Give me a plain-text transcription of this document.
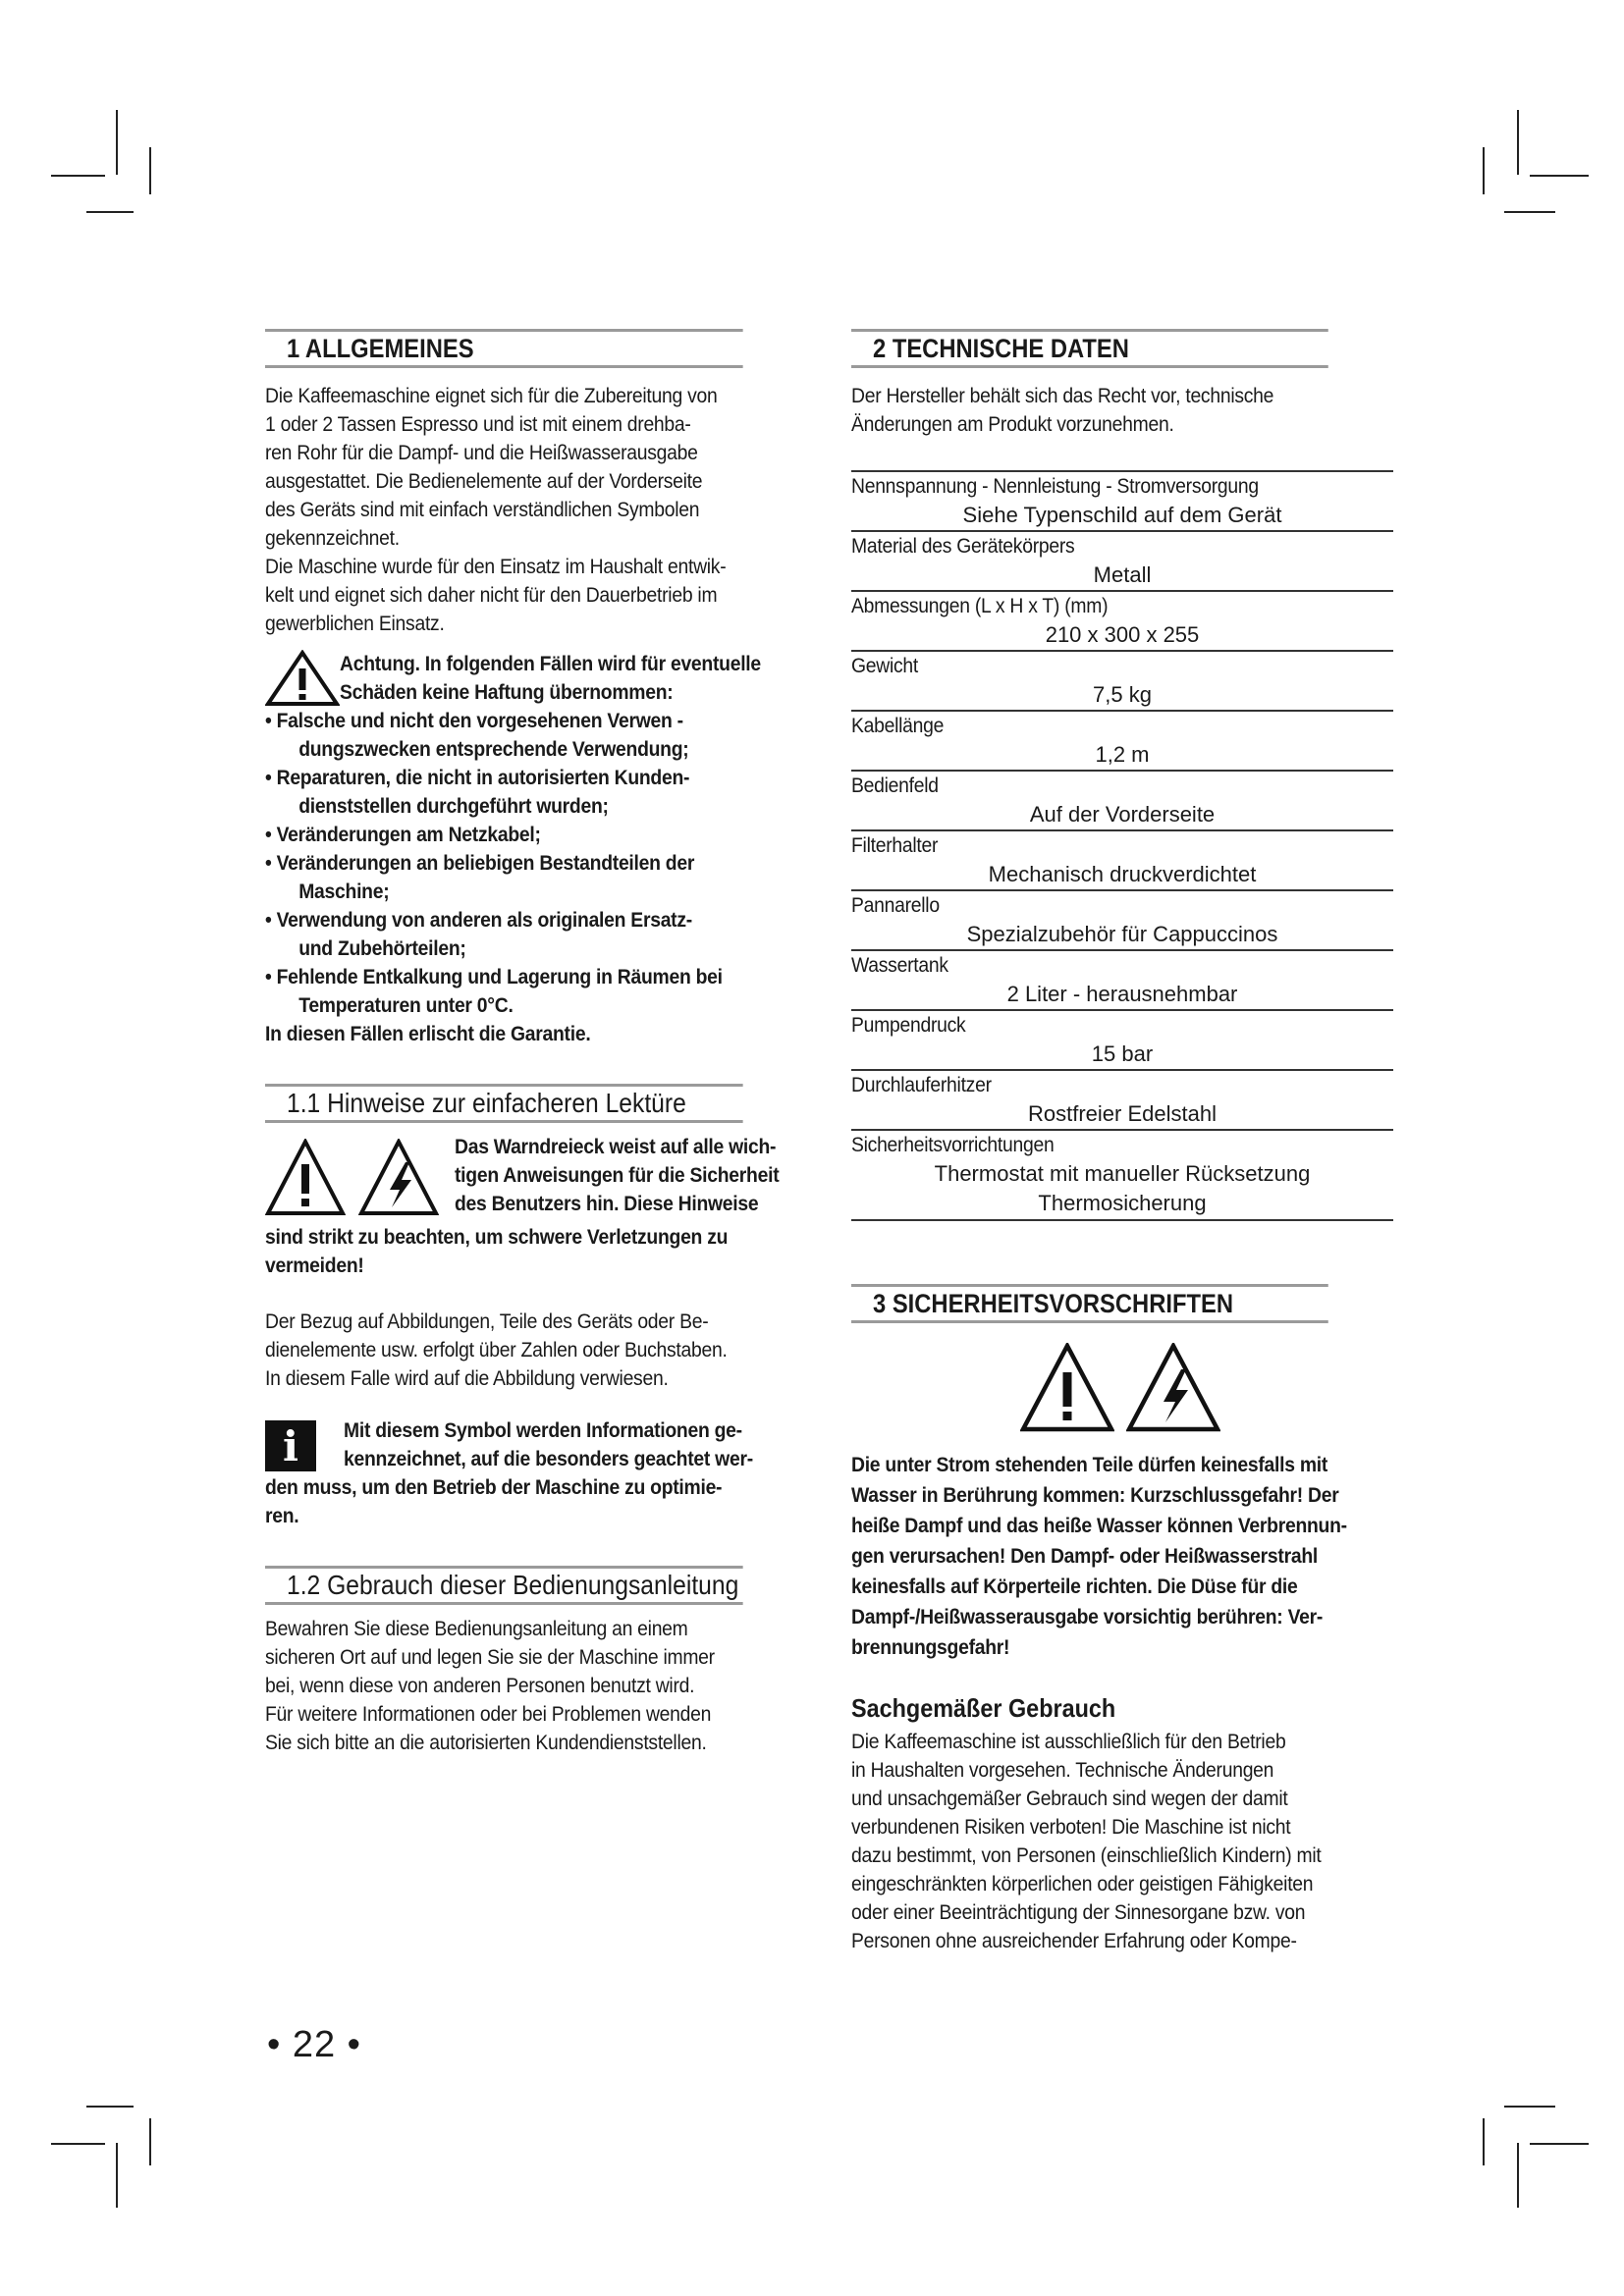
1 ALLGEMEINES
Die Kaffeemaschine eignet sich für die Zubereitung von
1 oder 2 Tassen Espresso und ist mit einem drehba-
ren Rohr für die Dampf- und die Heißwasserausgabe
ausgestattet. Die Bedienelemente auf der Vorderseite
des Geräts sind mit einfach verständlichen Symbolen
gekennzeichnet.
Die Maschine wurde für den Einsatz im Haushalt entwik-
kelt und eignet sich daher nicht für den Dauerbetrieb im
gewerblichen Einsatz.
Achtung. In folgenden Fällen wird für eventuelle
Schäden keine Haftung übernommen:
• Falsche und nicht den vorgesehenen Verwen -
dungszwecken entsprechende Verwendung;
• Reparaturen, die nicht in autorisierten Kunden-
dienststellen durchgeführt wurden;
• Veränderungen am Netzkabel;
• Veränderungen an beliebigen Bestandteilen der
Maschine;
• Verwendung von anderen als originalen Ersatz-
und Zubehörteilen;
• Fehlende Entkalkung und Lagerung in Räumen bei
Temperaturen unter 0°C.
In diesen Fällen erlischt die Garantie.
1.1 Hinweise zur einfacheren Lektüre
Das Warndreieck weist auf alle wich-
tigen Anweisungen für die Sicherheit
des Benutzers hin. Diese Hinweise
sind strikt zu beachten, um schwere Verletzungen zu
vermeiden!
Der Bezug auf Abbildungen, Teile des Geräts oder Be-
dienelemente usw. erfolgt über Zahlen oder Buchstaben.
In diesem Falle wird auf die Abbildung verwiesen.
i	Mit diesem Symbol werden Informationen ge-
kennzeichnet, auf die besonders geachtet wer-
den muss, um den Betrieb der Maschine zu optimie-
ren.
1.2 Gebrauch dieser Bedienungsanleitung
Bewahren Sie diese Bedienungsanleitung an einem
sicheren Ort auf und legen Sie sie der Maschine immer
bei, wenn diese von anderen Personen benutzt wird.
Für weitere Informationen oder bei Problemen wenden
Sie sich bitte an die autorisierten Kundendienststellen.
2 TECHNISCHE DATEN
Der Hersteller behält sich das Recht vor, technische
Änderungen am Produkt vorzunehmen.
Nennspannung - Nennleistung - Stromversorgung
Siehe Typenschild auf dem Gerät
Material des Gerätekörpers
Metall
Abmessungen (L x H x T) (mm)
210 x 300 x 255
Gewicht
7,5 kg
Kabellänge
1,2 m
Bedienfeld
Auf der Vorderseite
Filterhalter
Mechanisch druckverdichtet
Pannarello
Spezialzubehör für Cappuccinos
Wassertank
2 Liter - herausnehmbar
Pumpendruck
15 bar
Durchlauferhitzer
Rostfreier Edelstahl
Sicherheitsvorrichtungen
Thermostat mit manueller Rücksetzung
Thermosicherung
3 SICHERHEITSVORSCHRIFTEN
Die unter Strom stehenden Teile dürfen keinesfalls mit
Wasser in Berührung kommen: Kurzschlussgefahr! Der
heiße Dampf und das heiße Wasser können Verbrennun-
gen verursachen! Den Dampf- oder Heißwasserstrahl
keinesfalls auf Körperteile richten. Die Düse für die
Dampf-/Heißwasserausgabe vorsichtig berühren: Ver-
brennungsgefahr!
Sachgemäßer Gebrauch
Die Kaffeemaschine ist ausschließlich für den Betrieb
in Haushalten vorgesehen. Technische Änderungen
und unsachgemäßer Gebrauch sind wegen der damit
verbundenen Risiken verboten! Die Maschine ist nicht
dazu bestimmt, von Personen (einschließlich Kindern) mit
eingeschränkten körperlichen oder geistigen Fähigkeiten
oder einer Beeinträchtigung der Sinnesorgane bzw. von
Personen ohne ausreichender Erfahrung oder Kompe-
• 22 •
